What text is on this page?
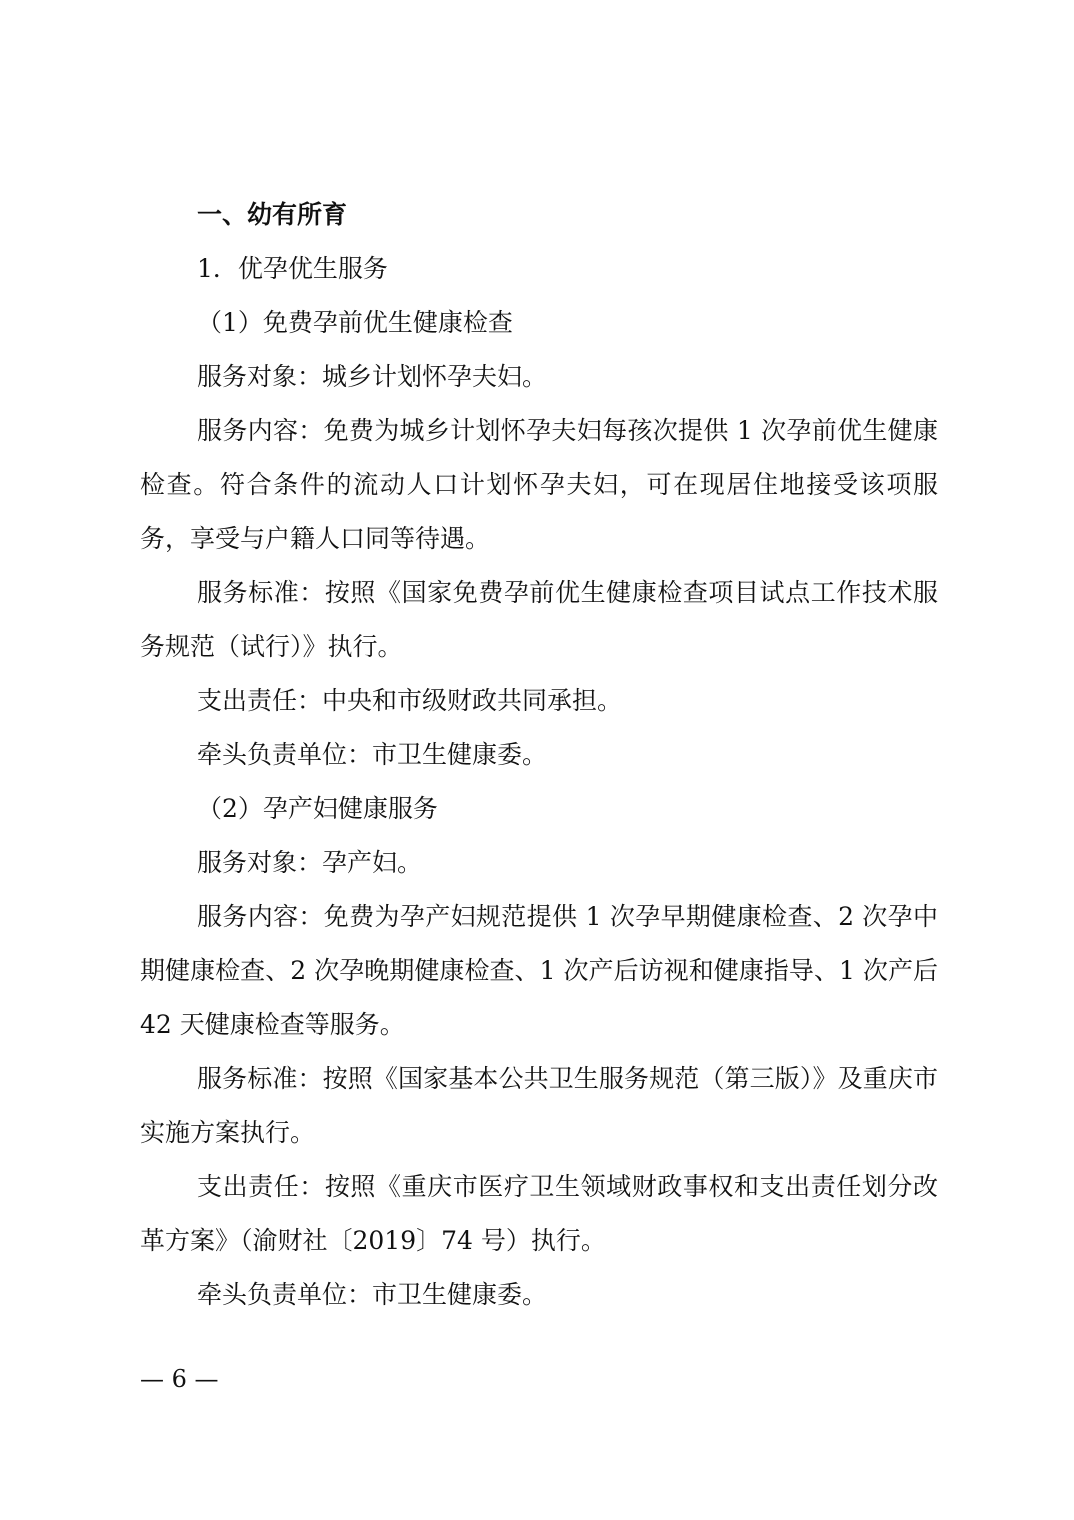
一、幼有所育

1．优孕优生服务

（1）免费孕前优生健康检查

服务对象：城乡计划怀孕夫妇。

服务内容：免费为城乡计划怀孕夫妇每孩次提供 1 次孕前优生健康检查。符合条件的流动人口计划怀孕夫妇，可在现居住地接受该项服务，享受与户籍人口同等待遇。

服务标准：按照《国家免费孕前优生健康检查项目试点工作技术服务规范（试行）》执行。

支出责任：中央和市级财政共同承担。

牵头负责单位：市卫生健康委。

（2）孕产妇健康服务

服务对象：孕产妇。

服务内容：免费为孕产妇规范提供 1 次孕早期健康检查、2 次孕中期健康检查、2 次孕晚期健康检查、1 次产后访视和健康指导、1 次产后 42 天健康检查等服务。

服务标准：按照《国家基本公共卫生服务规范（第三版）》及重庆市实施方案执行。

支出责任：按照《重庆市医疗卫生领域财政事权和支出责任划分改革方案》（渝财社〔2019〕74 号）执行。

牵头负责单位：市卫生健康委。

— 6 —
